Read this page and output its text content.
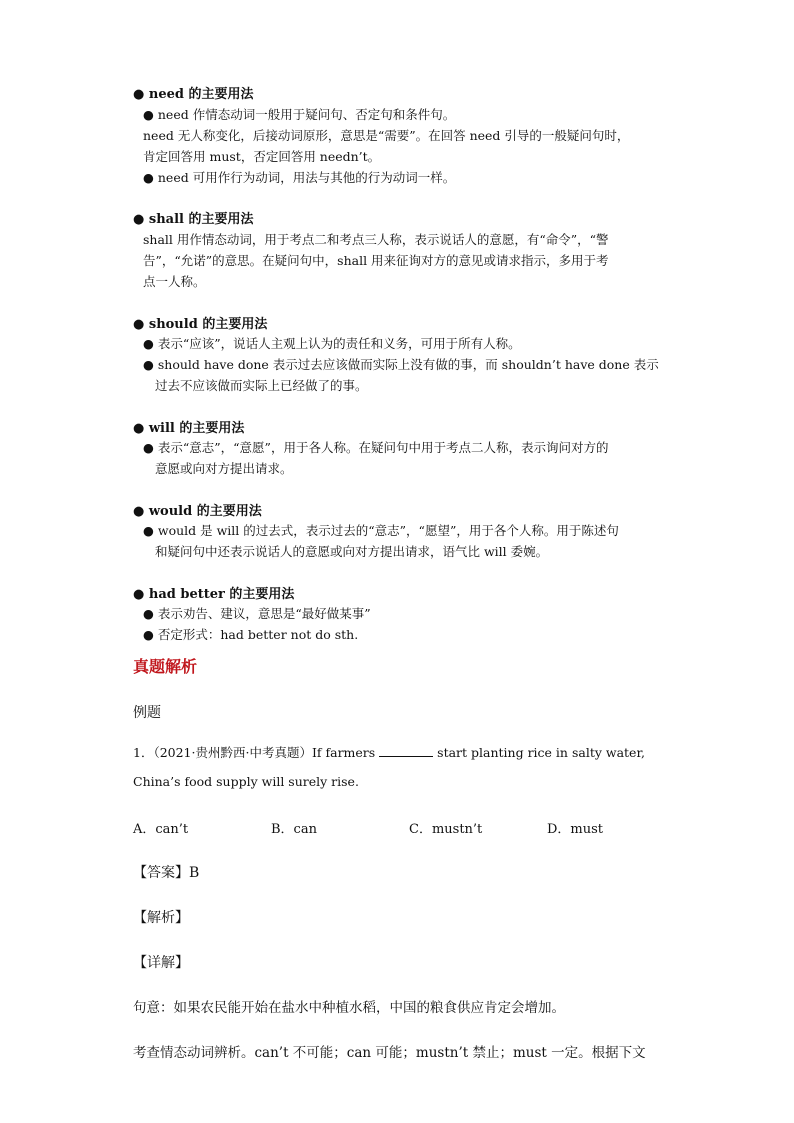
● need 的主要用法
● need 作情态动词一般用于疑问句、否定句和条件句。
need 无人称变化，后接动词原形，意思是“需要”。在回答 need 引导的一般疑问句时，
肯定回答用 must，否定回答用 needn’t。
● need 可用作行为动词，用法与其他的行为动词一样。
● shall 的主要用法
shall 用作情态动词，用于考点二和考点三人称，表示说话人的意愿，有“命令”，“警
告”，“允诺”的意思。在疑问句中，shall 用来征询对方的意见或请求指示，多用于考
点一人称。
● should 的主要用法
● 表示“应该”，说话人主观上认为的责任和义务，可用于所有人称。
● should have done 表示过去应该做而实际上没有做的事，而 shouldn’t have done 表示
过去不应该做而实际上已经做了的事。
● will 的主要用法
● 表示“意志”，“意愿”，用于各人称。在疑问句中用于考点二人称，表示询问对方的
意愿或向对方提出请求。
● would 的主要用法
● would 是 will 的过去式，表示过去的“意志”，“愿望”，用于各个人称。用于陈述句
和疑问句中还表示说话人的意愿或向对方提出请求，语气比 will 委婉。
● had better 的主要用法
● 表示劝告、建议，意思是“最好做某事”
● 否定形式：had better not do sth.
真题解析
例题
1．（2021·贵州黔西·中考真题）If farmers	start planting rice in salty water,
China’s food supply will surely rise.
A．can’t	B．can	C．mustn’t	D．must
【答案】B
【解析】
【详解】
句意：如果农民能开始在盐水中种植水稻，中国的粮食供应肯定会增加。
考查情态动词辨析。can’t 不可能；can 可能；mustn’t 禁止；must 一定。根据下文
